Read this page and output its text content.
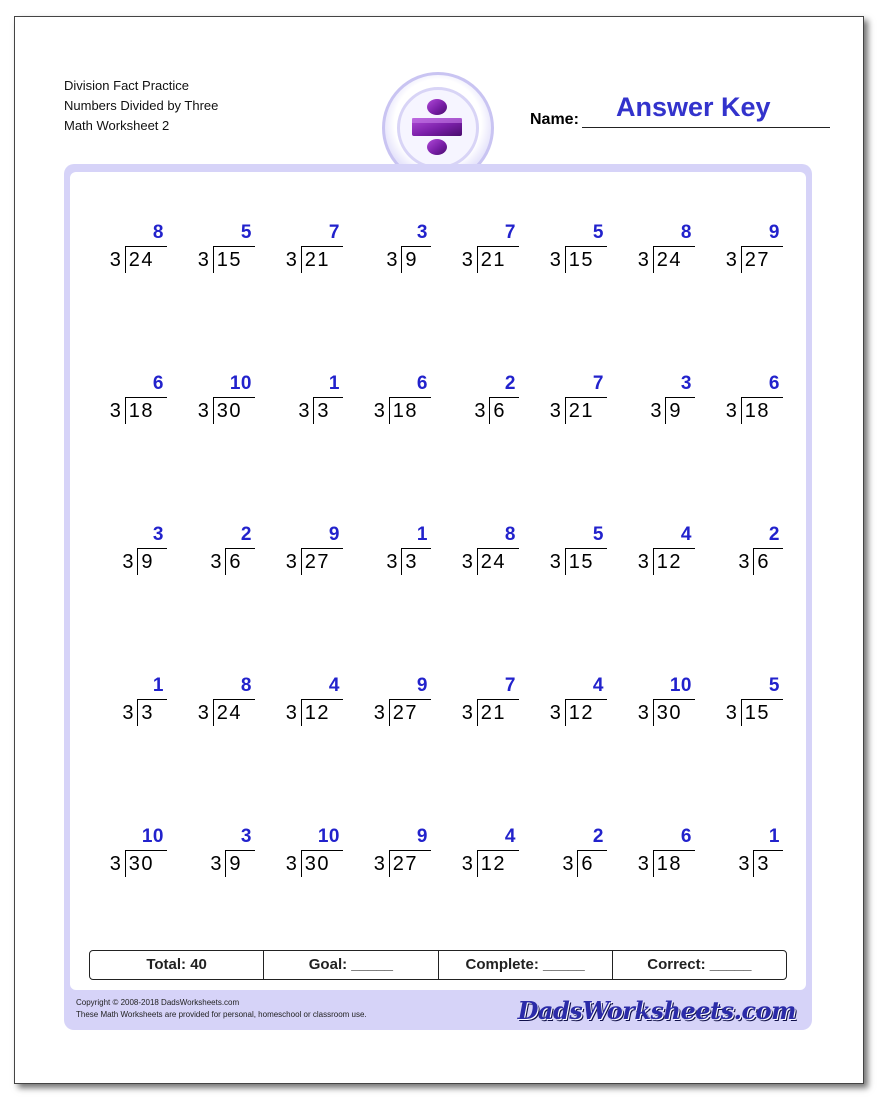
Division Fact Practice
Numbers Divided by Three
Math Worksheet 2	Name: Answer Key
8
3 24
5
3 15
7
3 21
3
3 9
7
3 21
5
3 15
8
3 24
9
3 27
6
3 18
10
3 30
1
3 3
6
3 18
2
3 6
7
3 21
3
3 9
6
3 18
3
3 9
2
3 6
9
3 27
1
3 3
8
3 24
5
3 15
4
3 12
2
3 6
1
3 3
8
3 24
4
3 12
9
3 27
7
3 21
4
3 12
10
3 30
5
3 15
10
3 30
3
3 9
10
3 30
9
3 27
4
3 12
2
3 6
6
3 18
1
3 3
Total: 40	Goal: _____	Complete: _____	Correct: _____
Copyright © 2008-2018 DadsWorksheets.com
These Math Worksheets are provided for personal, homeschool or classroom use.	DadsWorksheets.com
